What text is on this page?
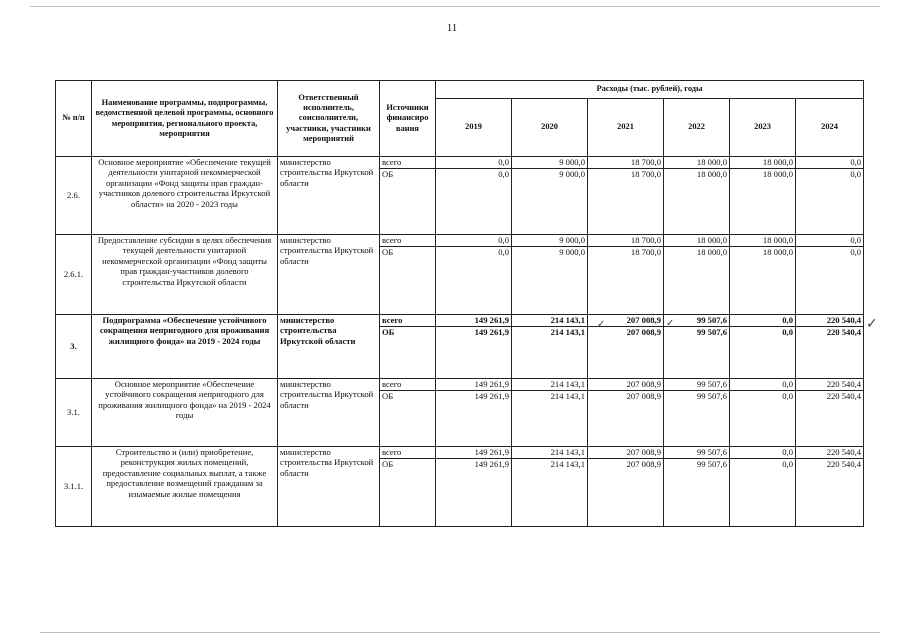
11
№ п/п	Наименование программы, подпрограммы, ведомственной целевой программы, основного мероприятия, регионального проекта, мероприятия	Ответственный исполнитель, соисполнители, участники, участники мероприятий	Источники финансиро вания	Расходы (тыс. рублей), годы					
				2019	2020	2021	2022	2023	2024
2.6.	Основное мероприятие «Обеспечение текущей деятельности унитарной некоммерческой организации «Фонд защиты прав граждан-участников долевого строительства Иркутской области» на 2020 - 2023 годы	министерство строительства Иркутской области	всего	0,0	9 000,0	18 700,0	18 000,0	18 000,0	0,0
			ОБ	0,0	9 000,0	18 700,0	18 000,0	18 000,0	0,0
2.6.1.	Предоставление субсидии в целях обеспечения текущей деятельности унитарной некоммерческой организации «Фонд защиты прав граждан-участников долевого строительства Иркутской области	министерство строительства Иркутской области	всего	0,0	9 000,0	18 700,0	18 000,0	18 000,0	0,0
			ОБ	0,0	9 000,0	18 700,0	18 000,0	18 000,0	0,0
3.	Подпрограмма «Обеспечение устойчивого сокращения непригодного для проживания жилищного фонда» на 2019 - 2024 годы	министерство строительства Иркутской области	всего	149 261,9	214 143,1	207 008,9	99 507,6	0,0	220 540,4
			ОБ	149 261,9	214 143,1	207 008,9	99 507,6	0,0	220 540,4
3.1.	Основное мероприятие «Обеспечение устойчивого сокращения непригодного для проживания жилищного фонда» на 2019 - 2024 годы	министерство строительства Иркутской области	всего	149 261,9	214 143,1	207 008,9	99 507,6	0,0	220 540,4
			ОБ	149 261,9	214 143,1	207 008,9	99 507,6	0,0	220 540,4
3.1.1.	Строительство и (или) приобретение, реконструкция жилых помещений, предоставление социальных выплат, а также предоставление возмещений гражданам за изымаемые жилые помещения	министерство строительства Иркутской области	всего	149 261,9	214 143,1	207 008,9	99 507,6	0,0	220 540,4
			ОБ	149 261,9	214 143,1	207 008,9	99 507,6	0,0	220 540,4
✓	✓	✓
